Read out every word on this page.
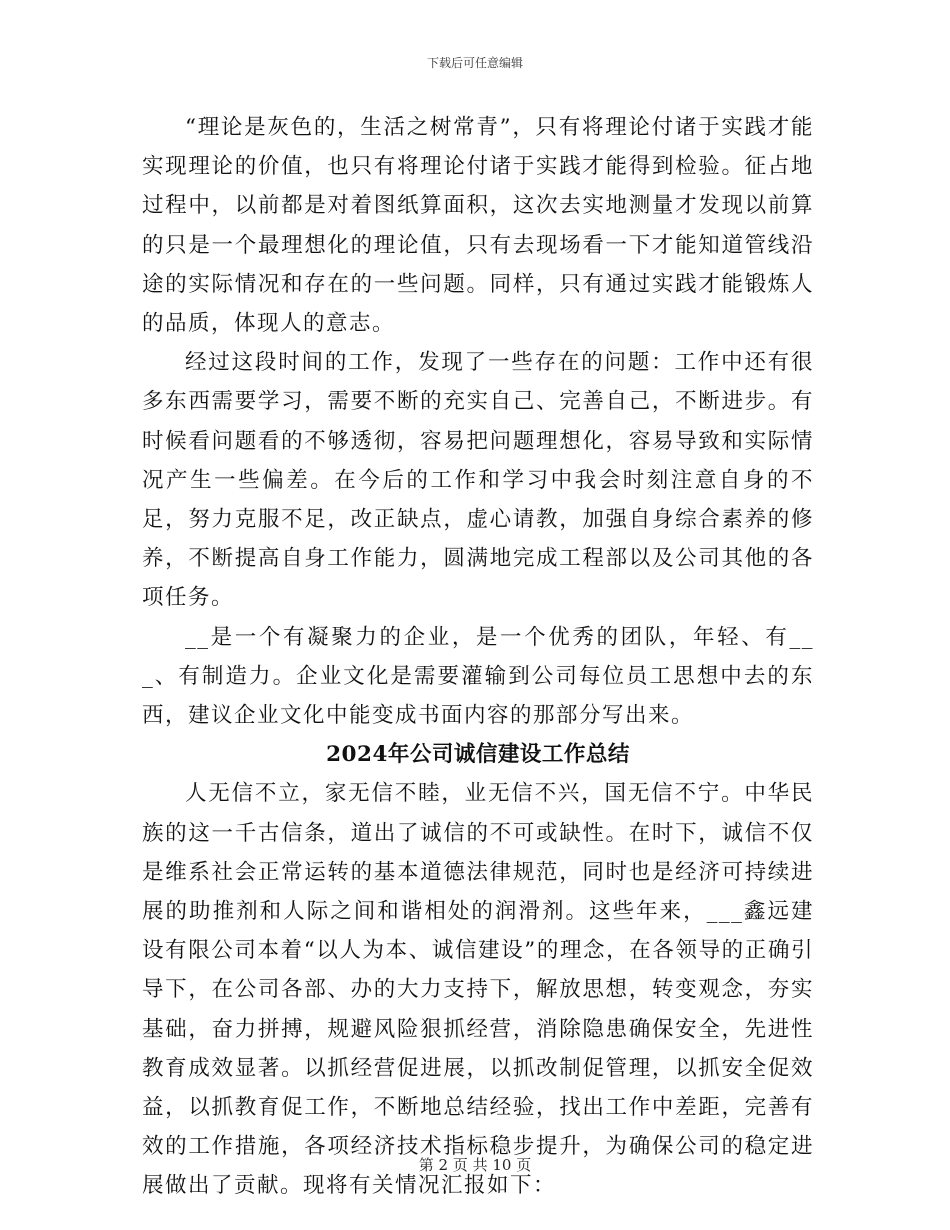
下载后可任意编辑

“理论是灰色的，生活之树常青”，只有将理论付诸于实践才能实现理论的价值，也只有将理论付诸于实践才能得到检验。征占地过程中，以前都是对着图纸算面积，这次去实地测量才发现以前算的只是一个最理想化的理论值，只有去现场看一下才能知道管线沿途的实际情况和存在的一些问题。同样，只有通过实践才能锻炼人的品质，体现人的意志。

经过这段时间的工作，发现了一些存在的问题：工作中还有很多东西需要学习，需要不断的充实自己、完善自己，不断进步。有时候看问题看的不够透彻，容易把问题理想化，容易导致和实际情况产生一些偏差。在今后的工作和学习中我会时刻注意自身的不足，努力克服不足，改正缺点，虚心请教，加强自身综合素养的修养，不断提高自身工作能力，圆满地完成工程部以及公司其他的各项任务。

__是一个有凝聚力的企业，是一个优秀的团队，年轻、有___、有制造力。企业文化是需要灌输到公司每位员工思想中去的东西，建议企业文化中能变成书面内容的那部分写出来。

2024年公司诚信建设工作总结

人无信不立，家无信不睦，业无信不兴，国无信不宁。中华民族的这一千古信条，道出了诚信的不可或缺性。在时下，诚信不仅是维系社会正常运转的基本道德法律规范，同时也是经济可持续进展的助推剂和人际之间和谐相处的润滑剂。这些年来，___鑫远建设有限公司本着“以人为本、诚信建设”的理念，在各领导的正确引导下，在公司各部、办的大力支持下，解放思想，转变观念，夯实基础，奋力拼搏，规避风险狠抓经营，消除隐患确保安全，先进性教育成效显著。以抓经营促进展，以抓改制促管理，以抓安全促效益，以抓教育促工作，不断地总结经验，找出工作中差距，完善有效的工作措施，各项经济技术指标稳步提升，为确保公司的稳定进展做出了贡献。现将有关情况汇报如下：

第 2 页 共 10 页
